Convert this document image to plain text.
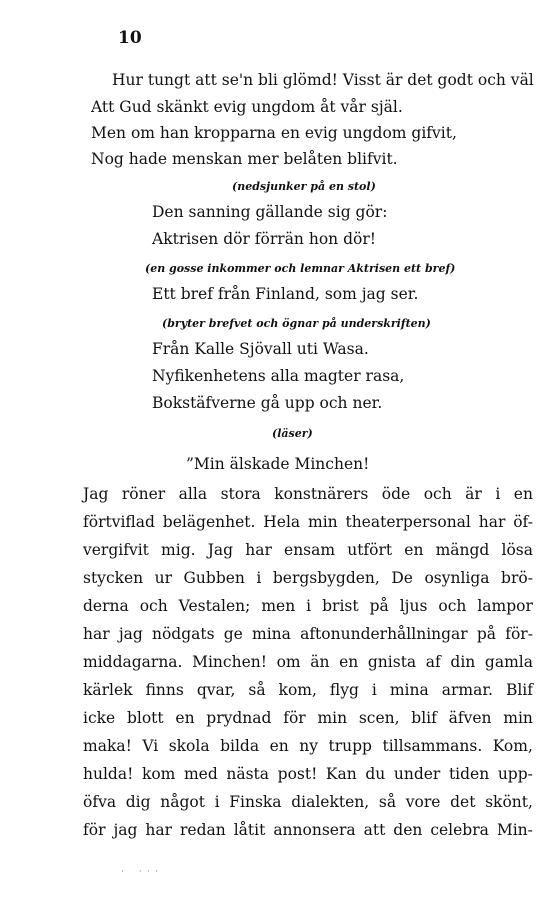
10
Hur tungt att se'n bli glömd! Visst är det godt och väl
Att Gud skänkt evig ungdom åt vår själ.
Men om han kropparna en evig ungdom gifvit,
Nog hade menskan mer belåten blifvit.
(nedsjunker på en stol)
Den sanning gällande sig gör:
Aktrisen dör förrän hon dör!
(en gosse inkommer och lemnar Aktrisen ett bref)
Ett bref från Finland, som jag ser.
(bryter brefvet och ögnar på underskriften)
Från Kalle Sjövall uti Wasa.
Nyfikenhetens alla magter rasa,
Bokstäfverne gå upp och ner.
(läser)
”Min älskade Minchen!
Jag röner alla stora konstnärers öde och är i en
förtviflad belägenhet. Hela min theaterpersonal har öf-
vergifvit mig. Jag har ensam utfört en mängd lösa
stycken ur Gubben i bergsbygden, De osynliga brö-
derna och Vestalen; men i brist på ljus och lampor
har jag nödgats ge mina aftonunderhållningar på för-
middagarna. Minchen! om än en gnista af din gamla
kärlek finns qvar, så kom, flyg i mina armar. Blif
icke blott en prydnad för min scen, blif äfven min
maka! Vi skola bilda en ny trupp tillsammans. Kom,
hulda! kom med nästa post! Kan du under tiden upp-
öfva dig något i Finska dialekten, så vore det skönt,
för jag har redan låtit annonsera att den celebra Min-
˙    ˙ ˙ ˙
